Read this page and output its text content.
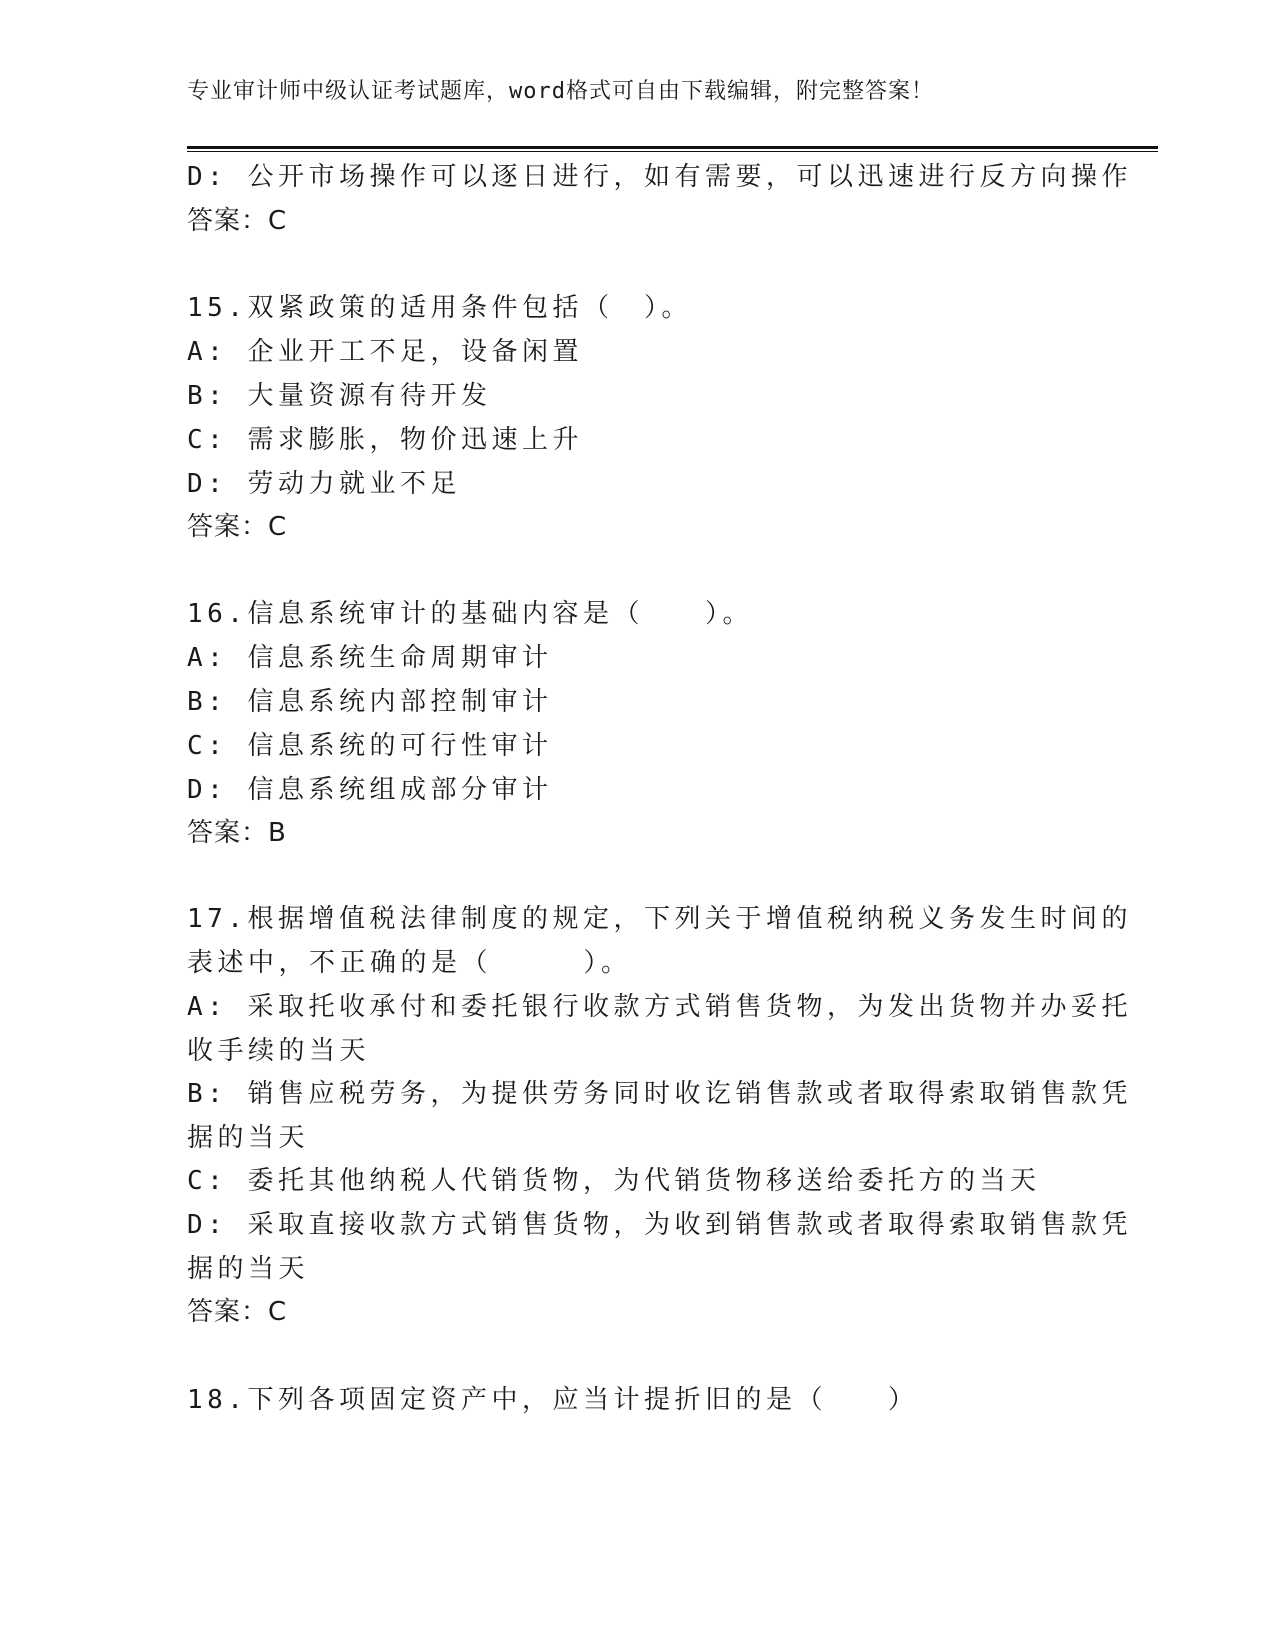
专业审计师中级认证考试题库，word格式可自由下载编辑，附完整答案！
D: 公开市场操作可以逐日进行，如有需要，可以迅速进行反方向操作
答案：C
15.双紧政策的适用条件包括（　）。
A: 企业开工不足，设备闲置
B: 大量资源有待开发
C: 需求膨胀，物价迅速上升
D: 劳动力就业不足
答案：C
16.信息系统审计的基础内容是（　　）。
A: 信息系统生命周期审计
B: 信息系统内部控制审计
C: 信息系统的可行性审计
D: 信息系统组成部分审计
答案：B
17.根据增值税法律制度的规定，下列关于增值税纳税义务发生时间的
表述中，不正确的是（　　　）。
A: 采取托收承付和委托银行收款方式销售货物，为发出货物并办妥托
收手续的当天
B: 销售应税劳务，为提供劳务同时收讫销售款或者取得索取销售款凭
据的当天
C: 委托其他纳税人代销货物，为代销货物移送给委托方的当天
D: 采取直接收款方式销售货物，为收到销售款或者取得索取销售款凭
据的当天
答案：C
18.下列各项固定资产中，应当计提折旧的是（　　）
